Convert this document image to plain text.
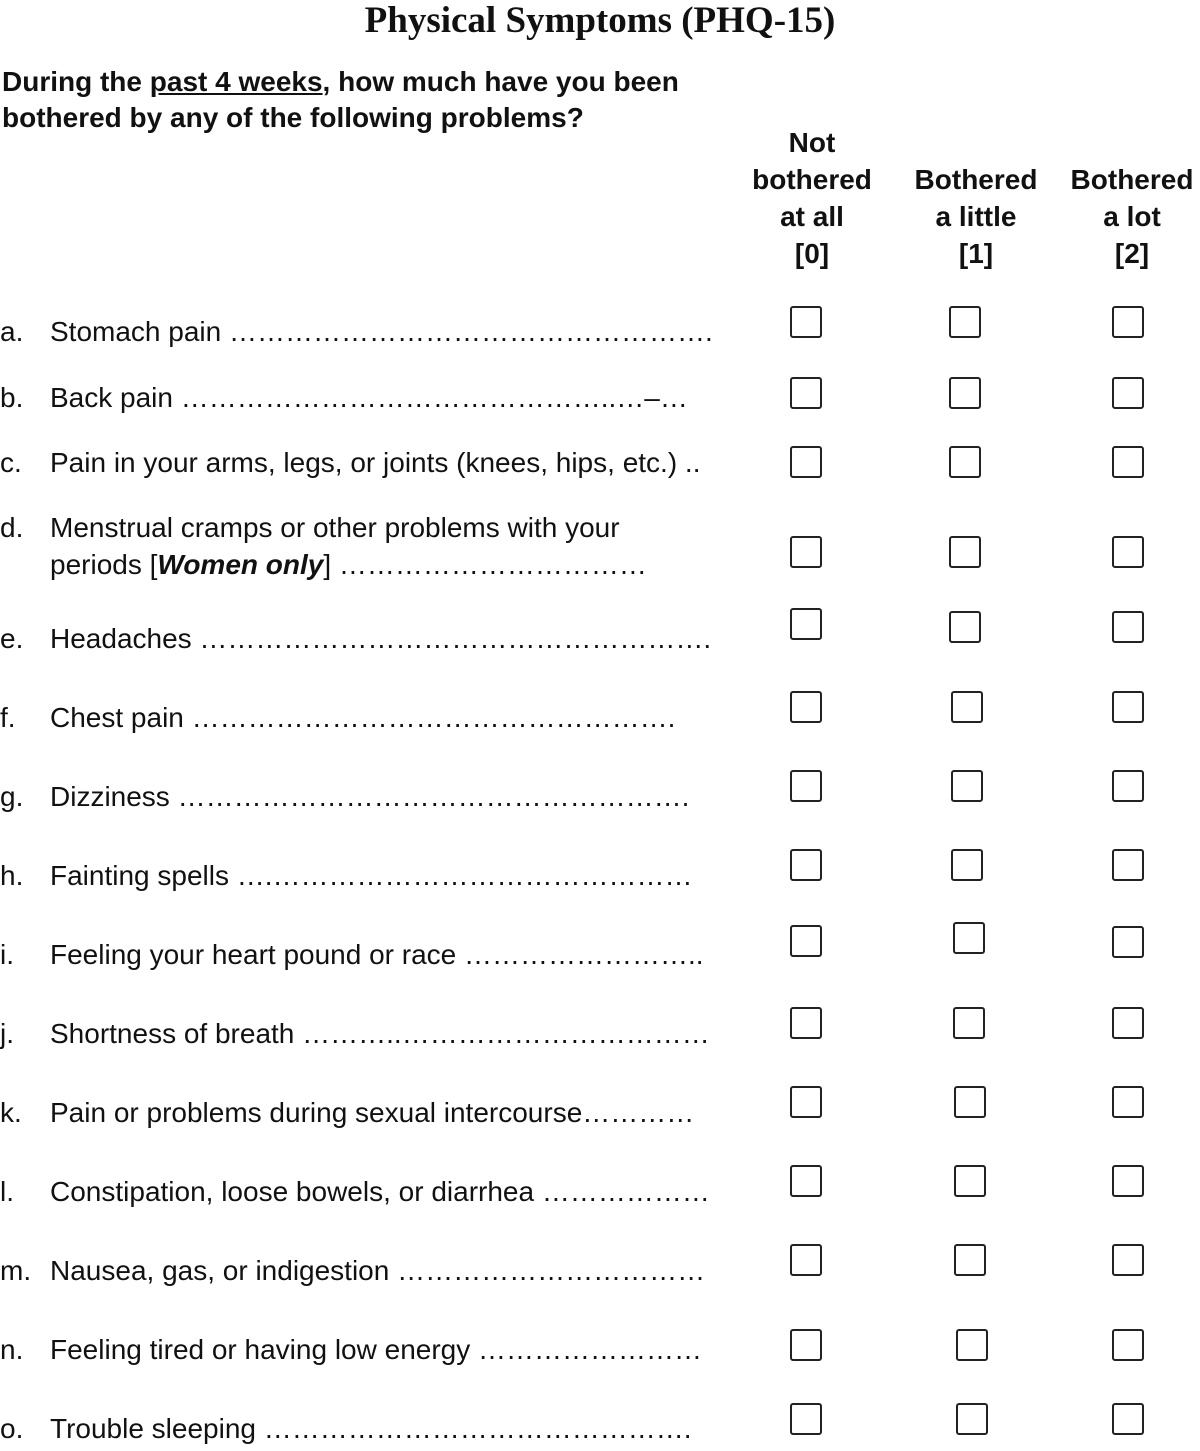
Physical Symptoms (PHQ-15)
During the past 4 weeks, how much have you been bothered by any of the following problems?
Not
bothered
at all
[0]
Bothered
a little
[1]
Bothered
a lot
[2]
a. Stomach pain …………………………………………….
b. Back pain ………………………………………..…–…
c.	Pain in your arms, legs, or joints (knees, hips, etc.) ..
d. Menstrual cramps or other problems with your
periods [Women only] ……………………………
e. Headaches ……………………………………………….
f.	Chest pain …………………………………………….
g. Dizziness ……………………………………………….
h. Fainting spells ….………………………………………
i.	Feeling your heart pound or race ……………………..
j.	Shortness of breath ………..……………………………
k.	Pain or problems during sexual intercourse…………
l.	Constipation, loose bowels, or diarrhea ………………
m. Nausea, gas, or indigestion ……………………………
n. Feeling tired or having low energy ……………………
o. Trouble sleeping ……………………………………….
